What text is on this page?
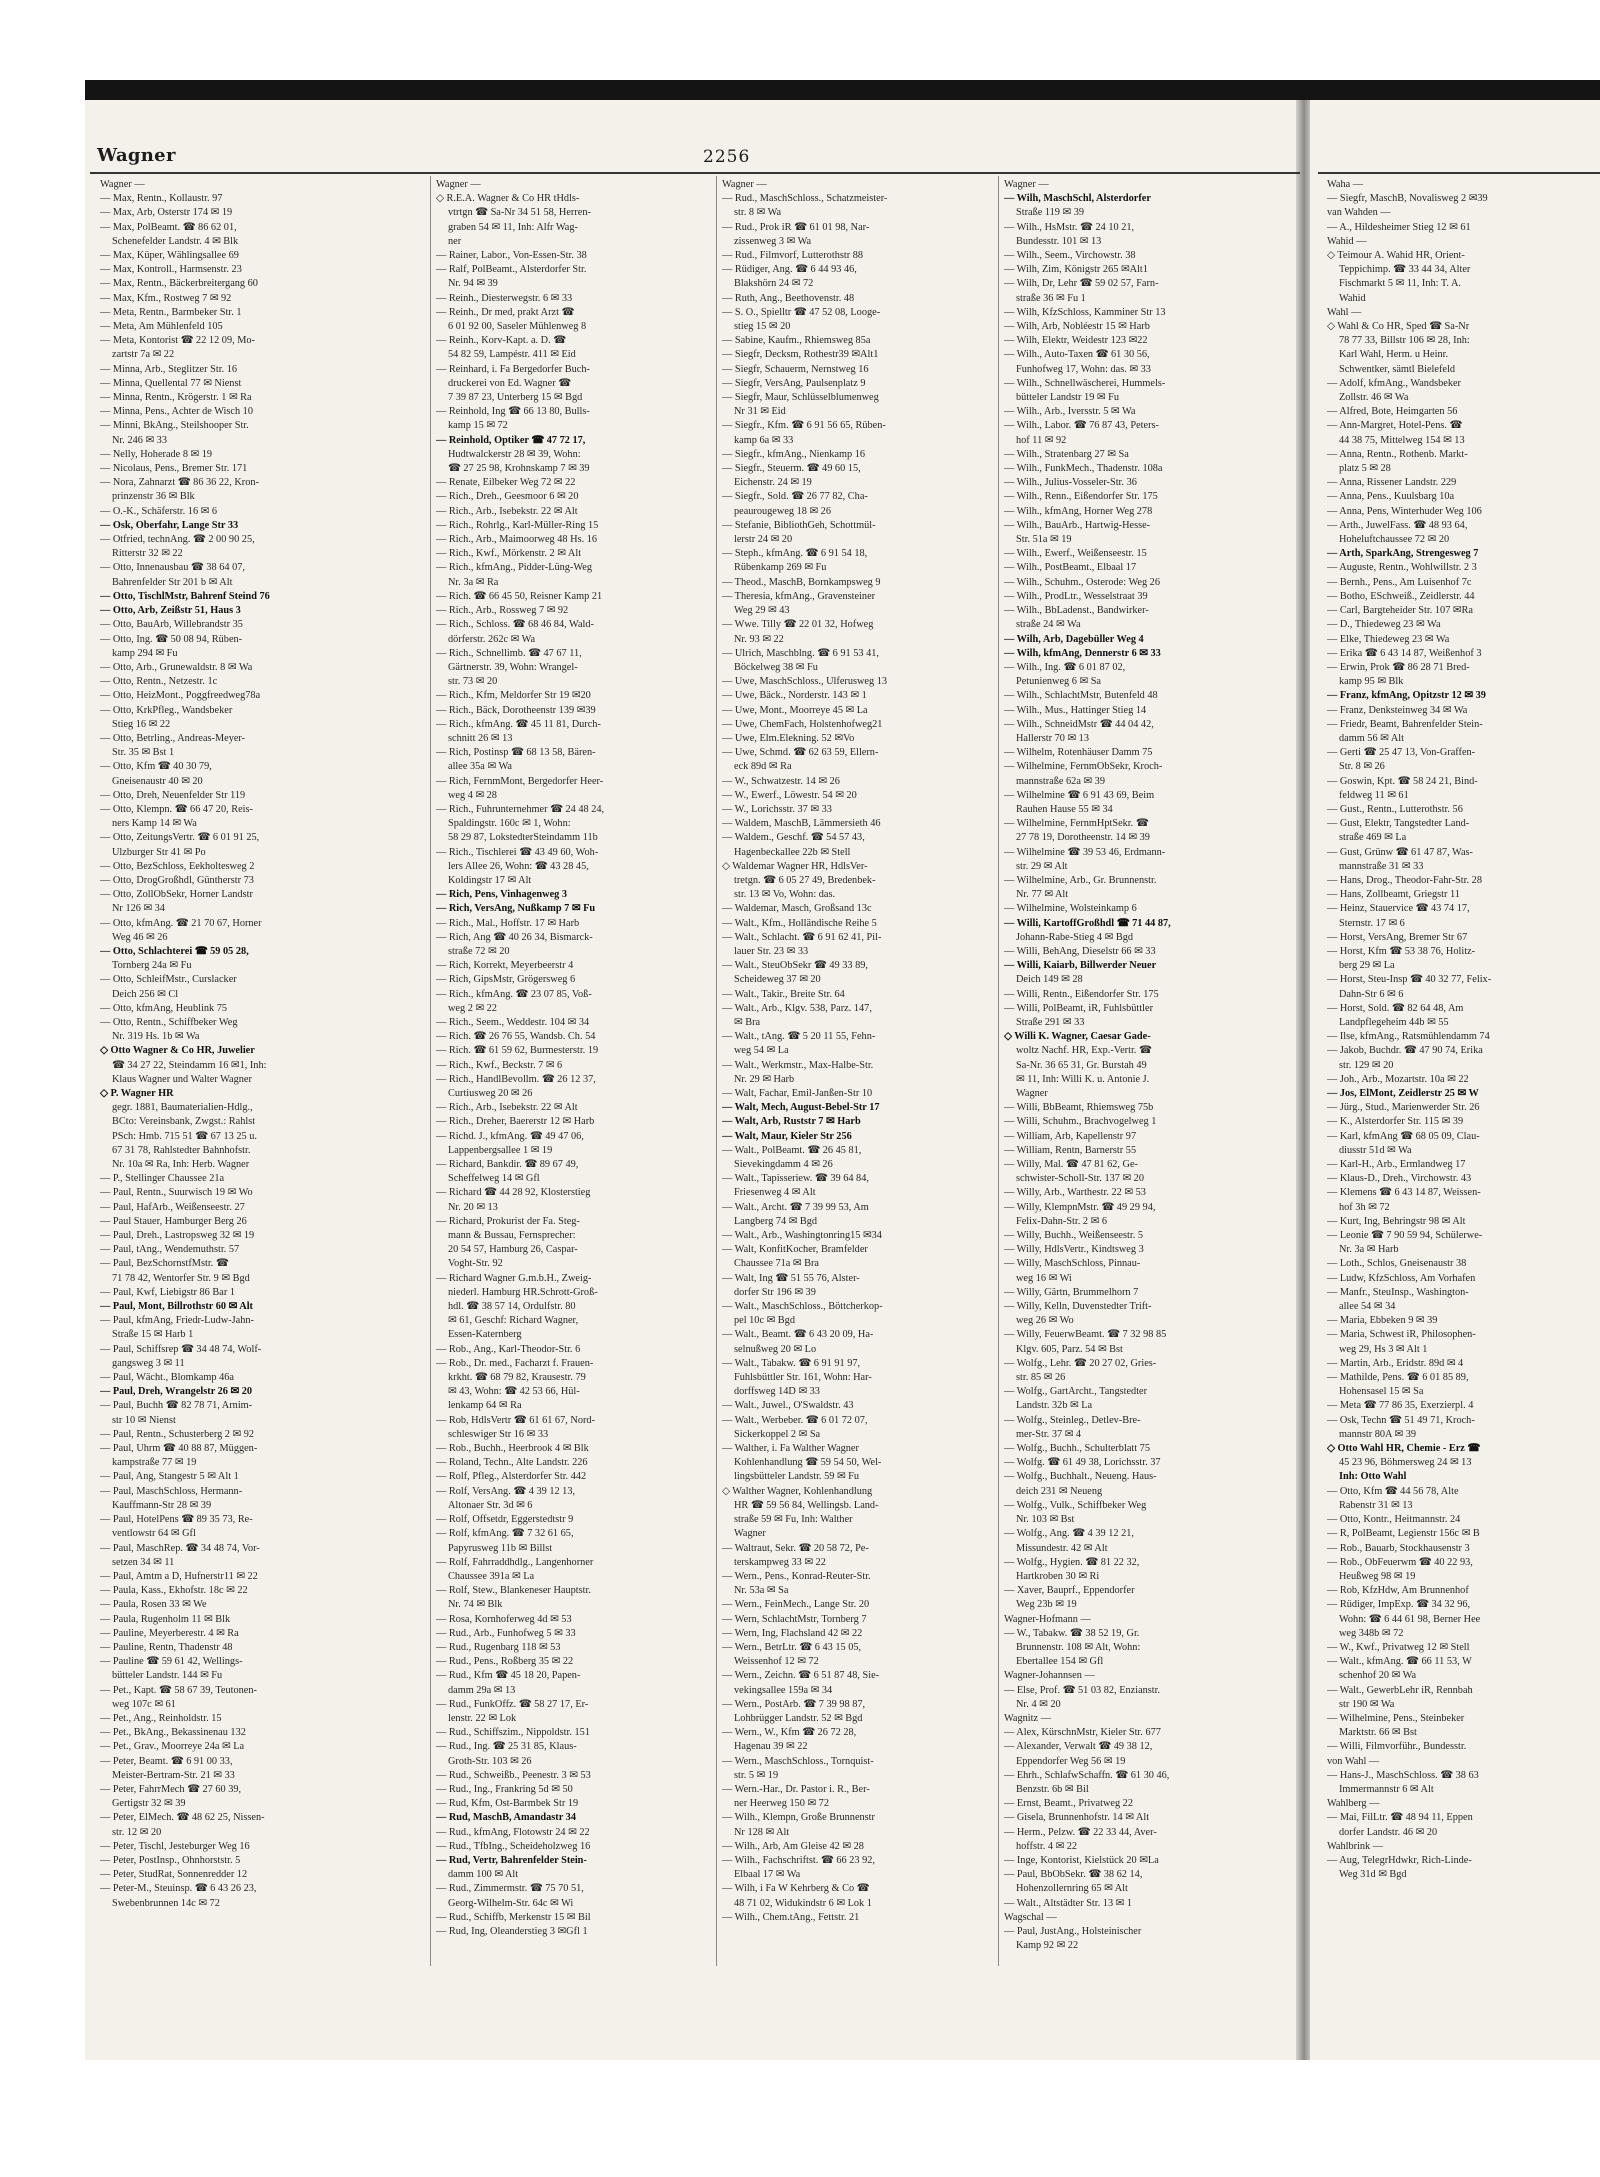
Wagner	2256
Wagner —
— Max, Rentn., Kollaustr. 97
— Max, Arb, Osterstr 174 ✉ 19
— Max, PolBeamt. ☎ 86 62 01,
Schenefelder Landstr. 4 ✉ Blk
— Max, Küper, Wählingsallee 69
— Max, Kontroll., Harmsenstr. 23
— Max, Rentn., Bäckerbreitergang 60
— Max, Kfm., Rostweg 7 ✉ 92
— Meta, Rentn., Barmbeker Str. 1
— Meta, Am Mühlenfeld 105
— Meta, Kontorist ☎ 22 12 09, Mo-
zartstr 7a ✉ 22
— Minna, Arb., Steglitzer Str. 16
— Minna, Quellental 77 ✉ Nienst
— Minna, Rentn., Krögerstr. 1 ✉ Ra
— Minna, Pens., Achter de Wisch 10
— Minni, BkAng., Steilshooper Str.
Nr. 246 ✉ 33
— Nelly, Hoherade 8 ✉ 19
— Nicolaus, Pens., Bremer Str. 171
— Nora, Zahnarzt ☎ 86 36 22, Kron-
prinzenstr 36 ✉ Blk
— O.-K., Schäferstr. 16 ✉ 6
— Osk, Oberfahr, Lange Str 33
— Otfried, technAng. ☎ 2 00 90 25,
Ritterstr 32 ✉ 22
— Otto, Innenausbau ☎ 38 64 07,
Bahrenfelder Str 201 b ✉ Alt
— Otto, TischlMstr, Bahrenf Steind 76
— Otto, Arb, Zeißstr 51, Haus 3
— Otto, BauArb, Willebrandstr 35
— Otto, Ing. ☎ 50 08 94, Rüben-
kamp 294 ✉ Fu
— Otto, Arb., Grunewaldstr. 8 ✉ Wa
— Otto, Rentn., Netzestr. 1c
— Otto, HeizMont., Poggfreedweg78a
— Otto, KrkPfleg., Wandsbeker
Stieg 16 ✉ 22
— Otto, Betrling., Andreas-Meyer-
Str. 35 ✉ Bst 1
— Otto, Kfm ☎ 40 30 79,
Gneisenaustr 40 ✉ 20
— Otto, Dreh, Neuenfelder Str 119
— Otto, Klempn. ☎ 66 47 20, Reis-
ners Kamp 14 ✉ Wa
— Otto, ZeitungsVertr. ☎ 6 01 91 25,
Ulzburger Str 41 ✉ Po
— Otto, BezSchloss, Eekholtesweg 2
— Otto, DrogGroßhdl, Güntherstr 73
— Otto, ZollObSekr, Horner Landstr
Nr 126 ✉ 34
— Otto, kfmAng. ☎ 21 70 67, Horner
Weg 46 ✉ 26
— Otto, Schlachterei ☎ 59 05 28,
Tornberg 24a ✉ Fu
— Otto, SchleifMstr., Curslacker
Deich 256 ✉ Cl
— Otto, kfmAng, Heublink 75
— Otto, Rentn., Schiffbeker Weg
Nr. 319 Hs. 1b ✉ Wa
◇ Otto Wagner & Co HR, Juwelier
☎ 34 27 22, Steindamm 16 ✉1, Inh:
Klaus Wagner und Walter Wagner
◇ P. Wagner HR
gegr. 1881, Baumaterialien-Hdlg.,
BCto: Vereinsbank, Zwgst.: Rahlst
PSch: Hmb. 715 51 ☎ 67 13 25 u.
67 31 78, Rahlstedter Bahnhofstr.
Nr. 10a ✉ Ra, Inh: Herb. Wagner
— P., Stellinger Chaussee 21a
— Paul, Rentn., Suurwisch 19 ✉ Wo
— Paul, HafArb., Weißenseestr. 27
— Paul Stauer, Hamburger Berg 26
— Paul, Dreh., Lastropsweg 32 ✉ 19
— Paul, tAng., Wendemuthstr. 57
— Paul, BezSchornstfMstr. ☎
71 78 42, Wentorfer Str. 9 ✉ Bgd
— Paul, Kwf, Liebigstr 86 Bar 1
— Paul, Mont, Billrothstr 60 ✉ Alt
— Paul, kfmAng, Friedr-Ludw-Jahn-
Straße 15 ✉ Harb 1
— Paul, Schiffsrep ☎ 34 48 74, Wolf-
gangsweg 3 ✉ 11
— Paul, Wächt., Blomkamp 46a
— Paul, Dreh, Wrangelstr 26 ✉ 20
— Paul, Buchh ☎ 82 78 71, Arnim-
str 10 ✉ Nienst
— Paul, Rentn., Schusterberg 2 ✉ 92
— Paul, Uhrm ☎ 40 88 87, Müggen-
kampstraße 77 ✉ 19
— Paul, Ang, Stangestr 5 ✉ Alt 1
— Paul, MaschSchloss, Hermann-
Kauffmann-Str 28 ✉ 39
— Paul, HotelPens ☎ 89 35 73, Re-
ventlowstr 64 ✉ Gfl
— Paul, MaschRep. ☎ 34 48 74, Vor-
setzen 34 ✉ 11
— Paul, Amtm a D, Hufnerstr11 ✉ 22
— Paula, Kass., Ekhofstr. 18c ✉ 22
— Paula, Rosen 33 ✉ We
— Paula, Rugenholm 11 ✉ Blk
— Pauline, Meyerberestr. 4 ✉ Ra
— Pauline, Rentn, Thadenstr 48
— Pauline ☎ 59 61 42, Wellings-
bütteler Landstr. 144 ✉ Fu
— Pet., Kapt. ☎ 58 67 39, Teutonen-
weg 107c ✉ 61
— Pet., Ang., Reinholdstr. 15
— Pet., BkAng., Bekassinenau 132
— Pet., Grav., Moorreye 24a ✉ La
— Peter, Beamt. ☎ 6 91 00 33,
Meister-Bertram-Str. 21 ✉ 33
— Peter, FahrrMech ☎ 27 60 39,
Gertigstr 32 ✉ 39
— Peter, ElMech. ☎ 48 62 25, Nissen-
str. 12 ✉ 20
— Peter, Tischl, Jesteburger Weg 16
— Peter, PostInsp., Ohnhorststr. 5
— Peter, StudRat, Sonnenredder 12
— Peter-M., Steuinsp. ☎ 6 43 26 23,
Swebenbrunnen 14c ✉ 72
Wagner —
◇ R.E.A. Wagner & Co HR tHdls-
vtrtgn ☎ Sa-Nr 34 51 58, Herren-
graben 54 ✉ 11, Inh: Alfr Wag-
ner
— Rainer, Labor., Von-Essen-Str. 38
— Ralf, PolBeamt., Alsterdorfer Str.
Nr. 94 ✉ 39
— Reinh., Diesterwegstr. 6 ✉ 33
— Reinh., Dr med, prakt Arzt ☎
6 01 92 00, Saseler Mühlenweg 8
— Reinh., Korv-Kapt. a. D. ☎
54 82 59, Lampéstr. 411 ✉ Eid
— Reinhard, i. Fa Bergedorfer Buch-
druckerei von Ed. Wagner ☎
7 39 87 23, Unterberg 15 ✉ Bgd
— Reinhold, Ing ☎ 66 13 80, Bulls-
kamp 15 ✉ 72
— Reinhold, Optiker ☎ 47 72 17,
Hudtwalckerstr 28 ✉ 39, Wohn:
☎ 27 25 98, Krohnskamp 7 ✉ 39
— Renate, Eilbeker Weg 72 ✉ 22
— Rich., Dreh., Geesmoor 6 ✉ 20
— Rich., Arb., Isebekstr. 22 ✉ Alt
— Rich., Rohrlg., Karl-Müller-Ring 15
— Rich., Arb., Maimoorweg 48 Hs. 16
— Rich., Kwf., Mörkenstr. 2 ✉ Alt
— Rich., kfmAng., Pidder-Lüng-Weg
Nr. 3a ✉ Ra
— Rich. ☎ 66 45 50, Reisner Kamp 21
— Rich., Arb., Rossweg 7 ✉ 92
— Rich., Schloss. ☎ 68 46 84, Wald-
dörferstr. 262c ✉ Wa
— Rich., Schnellimb. ☎ 47 67 11,
Gärtnerstr. 39, Wohn: Wrangel-
str. 73 ✉ 20
— Rich., Kfm, Meldorfer Str 19 ✉20
— Rich., Bäck, Dorotheenstr 139 ✉39
— Rich., kfmAng. ☎ 45 11 81, Durch-
schnitt 26 ✉ 13
— Rich, Postinsp ☎ 68 13 58, Bären-
allee 35a ✉ Wa
— Rich, FernmMont, Bergedorfer Heer-
weg 4 ✉ 28
— Rich., Fuhrunternehmer ☎ 24 48 24,
Spaldingstr. 160c ✉ 1, Wohn:
58 29 87, LokstedterSteindamm 11b
— Rich., Tischlerei ☎ 43 49 60, Woh-
lers Allee 26, Wohn: ☎ 43 28 45,
Koldingstr 17 ✉ Alt
— Rich, Pens, Vinhagenweg 3
— Rich, VersAng, Nußkamp 7 ✉ Fu
— Rich., Mal., Hoffstr. 17 ✉ Harb
— Rich, Ang ☎ 40 26 34, Bismarck-
straße 72 ✉ 20
— Rich, Korrekt, Meyerbeerstr 4
— Rich, GipsMstr, Grögersweg 6
— Rich., kfmAng. ☎ 23 07 85, Voß-
weg 2 ✉ 22
— Rich., Seem., Weddestr. 104 ✉ 34
— Rich. ☎ 26 76 55, Wandsb. Ch. 54
— Rich. ☎ 61 59 62, Burmesterstr. 19
— Rich., Kwf., Beckstr. 7 ✉ 6
— Rich., HandlBevollm. ☎ 26 12 37,
Curtiusweg 20 ✉ 26
— Rich., Arb., Isebekstr. 22 ✉ Alt
— Rich., Dreher, Baererstr 12 ✉ Harb
— Richd. J., kfmAng. ☎ 49 47 06,
Lappenbergsallee 1 ✉ 19
— Richard, Bankdir. ☎ 89 67 49,
Scheffelweg 14 ✉ Gfl
— Richard ☎ 44 28 92, Klosterstieg
Nr. 20 ✉ 13
— Richard, Prokurist der Fa. Steg-
mann & Bussau, Fernsprecher:
20 54 57, Hamburg 26, Caspar-
Voght-Str. 92
— Richard Wagner G.m.b.H., Zweig-
niederl. Hamburg HR.Schrott-Groß-
hdl. ☎ 38 57 14, Ordulfstr. 80
✉ 61, Geschf: Richard Wagner,
Essen-Katernberg
— Rob., Ang., Karl-Theodor-Str. 6
— Rob., Dr. med., Facharzt f. Frauen-
krkht. ☎ 68 79 82, Krausestr. 79
✉ 43, Wohn: ☎ 42 53 66, Hül-
lenkamp 64 ✉ Ra
— Rob, HdlsVertr ☎ 61 61 67, Nord-
schleswiger Str 16 ✉ 33
— Rob., Buchh., Heerbrook 4 ✉ Blk
— Roland, Techn., Alte Landstr. 226
— Rolf, Pfleg., Alsterdorfer Str. 442
— Rolf, VersAng. ☎ 4 39 12 13,
Altonaer Str. 3d ✉ 6
— Rolf, Offsetdr, Eggerstedtstr 9
— Rolf, kfmAng. ☎ 7 32 61 65,
Papyrusweg 11b ✉ Billst
— Rolf, Fahrraddhdlg., Langenhorner
Chaussee 391a ✉ La
— Rolf, Stew., Blankeneser Hauptstr.
Nr. 74 ✉ Blk
— Rosa, Kornhoferweg 4d ✉ 53
— Rud., Arb., Funhofweg 5 ✉ 33
— Rud., Rugenbarg 118 ✉ 53
— Rud., Pens., Roßberg 35 ✉ 22
— Rud., Kfm ☎ 45 18 20, Papen-
damm 29a ✉ 13
— Rud., FunkOffz. ☎ 58 27 17, Er-
lenstr. 22 ✉ Lok
— Rud., Schiffszim., Nippoldstr. 151
— Rud., Ing. ☎ 25 31 85, Klaus-
Groth-Str. 103 ✉ 26
— Rud., Schweißb., Peenestr. 3 ✉ 53
— Rud., Ing., Frankring 5d ✉ 50
— Rud, Kfm, Ost-Barmbek Str 19
— Rud, MaschB, Amandastr 34
— Rud., kfmAng, Flotowstr 24 ✉ 22
— Rud., TfbIng., Scheideholzweg 16
— Rud, Vertr, Bahrenfelder Stein-
damm 100 ✉ Alt
— Rud., Zimmermstr. ☎ 75 70 51,
Georg-Wilhelm-Str. 64c ✉ Wi
— Rud., Schiffb, Merkenstr 15 ✉ Bil
— Rud, Ing, Oleanderstieg 3 ✉Gfl 1
Wagner —
— Rud., MaschSchloss., Schatzmeister-
str. 8 ✉ Wa
— Rud., Prok iR ☎ 61 01 98, Nar-
zissenweg 3 ✉ Wa
— Rud., Filmvorf, Lutterothstr 88
— Rüdiger, Ang. ☎ 6 44 93 46,
Blakshörn 24 ✉ 72
— Ruth, Ang., Beethovenstr. 48
— S. O., Spielltr ☎ 47 52 08, Looge-
stieg 15 ✉ 20
— Sabine, Kaufm., Rhiemsweg 85a
— Siegfr, Decksm, Rothestr39 ✉Alt1
— Siegfr, Schauerm, Nernstweg 16
— Siegfr, VersAng, Paulsenplatz 9
— Siegfr, Maur, Schlüsselblumenweg
Nr 31 ✉ Eid
— Siegfr., Kfm. ☎ 6 91 56 65, Rüben-
kamp 6a ✉ 33
— Siegfr., kfmAng., Nienkamp 16
— Siegfr., Steuerm. ☎ 49 60 15,
Eichenstr. 24 ✉ 19
— Siegfr., Sold. ☎ 26 77 82, Cha-
peaurougeweg 18 ✉ 26
— Stefanie, BibliothGeh, Schottmül-
lerstr 24 ✉ 20
— Steph., kfmAng. ☎ 6 91 54 18,
Rübenkamp 269 ✉ Fu
— Theod., MaschB, Bornkampsweg 9
— Theresia, kfmAng., Gravensteiner
Weg 29 ✉ 43
— Wwe. Tilly ☎ 22 01 32, Hofweg
Nr. 93 ✉ 22
— Ulrich, Maschblng. ☎ 6 91 53 41,
Böckelweg 38 ✉ Fu
— Uwe, MaschSchloss., Ulferusweg 13
— Uwe, Bäck., Norderstr. 143 ✉ 1
— Uwe, Mont., Moorreye 45 ✉ La
— Uwe, ChemFach, Holstenhofweg21
— Uwe, Elm.Elekning. 52 ✉Vo
— Uwe, Schmd. ☎ 62 63 59, Ellern-
eck 89d ✉ Ra
— W., Schwatzestr. 14 ✉ 26
— W., Ewerf., Löwestr. 54 ✉ 20
— W., Lorichsstr. 37 ✉ 33
— Waldem, MaschB, Lämmersieth 46
— Waldem., Geschf. ☎ 54 57 43,
Hagenbeckallee 22b ✉ Stell
◇ Waldemar Wagner HR, HdlsVer-
tretgn. ☎ 6 05 27 49, Bredenbek-
str. 13 ✉ Vo, Wohn: das.
— Waldemar, Masch, Großsand 13c
— Walt., Kfm., Holländische Reihe 5
— Walt., Schlacht. ☎ 6 91 62 41, Pil-
lauer Str. 23 ✉ 33
— Walt., SteuObSekr ☎ 49 33 89,
Scheideweg 37 ✉ 20
— Walt., Takir., Breite Str. 64
— Walt., Arb., Klgv. 538, Parz. 147,
✉ Bra
— Walt., tAng. ☎ 5 20 11 55, Fehn-
weg 54 ✉ La
— Walt., Werkmstr., Max-Halbe-Str.
Nr. 29 ✉ Harb
— Walt, Fachar, Emil-Janßen-Str 10
— Walt, Mech, August-Bebel-Str 17
— Walt, Arb, Ruststr 7 ✉ Harb
— Walt, Maur, Kieler Str 256
— Walt., PolBeamt. ☎ 26 45 81,
Sievekingdamm 4 ✉ 26
— Walt., Tapisseriew. ☎ 39 64 84,
Friesenweg 4 ✉ Alt
— Walt., Archt. ☎ 7 39 99 53, Am
Langberg 74 ✉ Bgd
— Walt., Arb., Washingtonring15 ✉34
— Walt, KonfitKocher, Bramfelder
Chaussee 71a ✉ Bra
— Walt, Ing ☎ 51 55 76, Alster-
dorfer Str 196 ✉ 39
— Walt., MaschSchloss., Böttcherkop-
pel 10c ✉ Bgd
— Walt., Beamt. ☎ 6 43 20 09, Ha-
selnußweg 20 ✉ Lo
— Walt., Tabakw. ☎ 6 91 91 97,
Fuhlsbüttler Str. 161, Wohn: Har-
dorffsweg 14D ✉ 33
— Walt., Juwel., O'Swaldstr. 43
— Walt., Werbeber. ☎ 6 01 72 07,
Sickerkoppel 2 ✉ Sa
— Walther, i. Fa Walther Wagner
Kohlenhandlung ☎ 59 54 50, Wel-
lingsbütteler Landstr. 59 ✉ Fu
◇ Walther Wagner, Kohlenhandlung
HR ☎ 59 56 84, Wellingsb. Land-
straße 59 ✉ Fu, Inh: Walther
Wagner
— Waltraut, Sekr. ☎ 20 58 72, Pe-
terskampweg 33 ✉ 22
— Wern., Pens., Konrad-Reuter-Str.
Nr. 53a ✉ Sa
— Wern., FeinMech., Lange Str. 20
— Wern, SchlachtMstr, Tornberg 7
— Wern, Ing, Flachsland 42 ✉ 22
— Wern., BetrLtr. ☎ 6 43 15 05,
Weissenhof 12 ✉ 72
— Wern., Zeichn. ☎ 6 51 87 48, Sie-
vekingsallee 159a ✉ 34
— Wern., PostArb. ☎ 7 39 98 87,
Lohbrügger Landstr. 52 ✉ Bgd
— Wern., W., Kfm ☎ 26 72 28,
Hagenau 39 ✉ 22
— Wern., MaschSchloss., Tornquist-
str. 5 ✉ 19
— Wern.-Har., Dr. Pastor i. R., Ber-
ner Heerweg 150 ✉ 72
— Wilh., Klempn, Große Brunnenstr
Nr 128 ✉ Alt
— Wilh., Arb, Am Gleise 42 ✉ 28
— Wilh., Fachschriftst. ☎ 66 23 92,
Elbaal 17 ✉ Wa
— Wilh, i Fa W Kehrberg & Co ☎
48 71 02, Widukindstr 6 ✉ Lok 1
— Wilh., Chem.tAng., Fettstr. 21
Wagner —
— Wilh, MaschSchl, Alsterdorfer
Straße 119 ✉ 39
— Wilh., HsMstr. ☎ 24 10 21,
Bundesstr. 101 ✉ 13
— Wilh., Seem., Virchowstr. 38
— Wilh, Zim, Königstr 265 ✉Alt1
— Wilh, Dr, Lehr ☎ 59 02 57, Farn-
straße 36 ✉ Fu 1
— Wilh, KfzSchloss, Kamminer Str 13
— Wilh, Arb, Nobléestr 15 ✉ Harb
— Wilh, Elektr, Weidestr 123 ✉22
— Wilh., Auto-Taxen ☎ 61 30 56,
Funhofweg 17, Wohn: das. ✉ 33
— Wilh., Schnellwäscherei, Hummels-
bütteler Landstr 19 ✉ Fu
— Wilh., Arb., Iversstr. 5 ✉ Wa
— Wilh., Labor. ☎ 76 87 43, Peters-
hof 11 ✉ 92
— Wilh., Stratenbarg 27 ✉ Sa
— Wilh., FunkMech., Thadenstr. 108a
— Wilh., Julius-Vosseler-Str. 36
— Wilh., Renn., Eißendorfer Str. 175
— Wilh., kfmAng, Horner Weg 278
— Wilh., BauArb., Hartwig-Hesse-
Str. 51a ✉ 19
— Wilh., Ewerf., Weißenseestr. 15
— Wilh., PostBeamt., Elbaal 17
— Wilh., Schuhm., Osterode: Weg 26
— Wilh., ProdLtr., Wesselstraat 39
— Wilh., BbLadenst., Bandwirker-
straße 24 ✉ Wa
— Wilh, Arb, Dagebüller Weg 4
— Wilh, kfmAng, Dennerstr 6 ✉ 33
— Wilh., Ing. ☎ 6 01 87 02,
Petunienweg 6 ✉ Sa
— Wilh., SchlachtMstr, Butenfeld 48
— Wilh., Mus., Hattinger Stieg 14
— Wilh., SchneidMstr ☎ 44 04 42,
Hallerstr 70 ✉ 13
— Wilhelm, Rotenhäuser Damm 75
— Wilhelmine, FernmObSekr, Kroch-
mannstraße 62a ✉ 39
— Wilhelmine ☎ 6 91 43 69, Beim
Rauhen Hause 55 ✉ 34
— Wilhelmine, FernmHptSekr. ☎
27 78 19, Dorotheenstr. 14 ✉ 39
— Wilhelmine ☎ 39 53 46, Erdmann-
str. 29 ✉ Alt
— Wilhelmine, Arb., Gr. Brunnenstr.
Nr. 77 ✉ Alt
— Wilhelmine, Wolsteinkamp 6
— Willi, KartoffGroßhdl ☎ 71 44 87,
Johann-Rabe-Stieg 4 ✉ Bgd
— Willi, BehAng, Dieselstr 66 ✉ 33
— Willi, Kaiarb, Billwerder Neuer
Deich 149 ✉ 28
— Willi, Rentn., Eißendorfer Str. 175
— Willi, PolBeamt, iR, Fuhlsbüttler
Straße 291 ✉ 33
◇ Willi K. Wagner, Caesar Gade-
woltz Nachf. HR, Exp.-Vertr. ☎
Sa-Nr. 36 65 31, Gr. Burstah 49
✉ 11, Inh: Willi K. u. Antonie J.
Wagner
— Willi, BbBeamt, Rhiemsweg 75b
— Willi, Schuhm., Brachvogelweg 1
— William, Arb, Kapellenstr 97
— William, Rentn, Barnerstr 55
— Willy, Mal. ☎ 47 81 62, Ge-
schwister-Scholl-Str. 137 ✉ 20
— Willy, Arb., Warthestr. 22 ✉ 53
— Willy, KlempnMstr. ☎ 49 29 94,
Felix-Dahn-Str. 2 ✉ 6
— Willy, Buchh., Weißenseestr. 5
— Willy, HdlsVertr., Kindtsweg 3
— Willy, MaschSchloss, Pinnau-
weg 16 ✉ Wi
— Willy, Gärtn, Brummelhorn 7
— Willy, Kelln, Duvenstedter Trift-
weg 26 ✉ Wo
— Willy, FeuerwBeamt. ☎ 7 32 98 85
Klgv. 605, Parz. 54 ✉ Bst
— Wolfg., Lehr. ☎ 20 27 02, Gries-
str. 85 ✉ 26
— Wolfg., GartArcht., Tangstedter
Landstr. 32b ✉ La
— Wolfg., Steinleg., Detlev-Bre-
mer-Str. 37 ✉ 4
— Wolfg., Buchh., Schulterblatt 75
— Wolfg. ☎ 61 49 38, Lorichsstr. 37
— Wolfg., Buchhalt., Neueng. Haus-
deich 231 ✉ Neueng
— Wolfg., Vulk., Schiffbeker Weg
Nr. 103 ✉ Bst
— Wolfg., Ang. ☎ 4 39 12 21,
Missundestr. 42 ✉ Alt
— Wolfg., Hygien. ☎ 81 22 32,
Hartkroben 30 ✉ Ri
— Xaver, Bauprf., Eppendorfer
Weg 23b ✉ 19
Wagner-Hofmann —
— W., Tabakw. ☎ 38 52 19, Gr.
Brunnenstr. 108 ✉ Alt, Wohn:
Ebertallee 154 ✉ Gfl
Wagner-Johannsen —
— Else, Prof. ☎ 51 03 82, Enzianstr.
Nr. 4 ✉ 20
Wagnitz —
— Alex, KürschnMstr, Kieler Str. 677
— Alexander, Verwalt ☎ 49 38 12,
Eppendorfer Weg 56 ✉ 19
— Ehrh., SchlafwSchaffn. ☎ 61 30 46,
Benzstr. 6b ✉ Bil
— Ernst, Beamt., Privatweg 22
— Gisela, Brunnenhofstr. 14 ✉ Alt
— Herm., Pelzw. ☎ 22 33 44, Aver-
hoffstr. 4 ✉ 22
— Inge, Kontorist, Kielstück 20 ✉La
— Paul, BbObSekr. ☎ 38 62 14,
Hohenzollernring 65 ✉ Alt
— Walt., Altstädter Str. 13 ✉ 1
Wagschal —
— Paul, JustAng., Holsteinischer
Kamp 92 ✉ 22
Waha —
— Siegfr, MaschB, Novalisweg 2 ✉39
van Wahden —
— A., Hildesheimer Stieg 12 ✉ 61
Wahid —
◇ Teimour A. Wahid HR, Orient-
Teppichimp. ☎ 33 44 34, Alter
Fischmarkt 5 ✉ 11, Inh: T. A.
Wahid
Wahl —
◇ Wahl & Co HR, Sped ☎ Sa-Nr
78 77 33, Billstr 106 ✉ 28, Inh:
Karl Wahl, Herm. u Heinr.
Schwentker, sämtl Bielefeld
— Adolf, kfmAng., Wandsbeker
Zollstr. 46 ✉ Wa
— Alfred, Bote, Heimgarten 56
— Ann-Margret, Hotel-Pens. ☎
44 38 75, Mittelweg 154 ✉ 13
— Anna, Rentn., Rothenb. Markt-
platz 5 ✉ 28
— Anna, Rissener Landstr. 229
— Anna, Pens., Kuulsbarg 10a
— Anna, Pens, Winterhuder Weg 106
— Arth., JuwelFass. ☎ 48 93 64,
Hoheluftchaussee 72 ✉ 20
— Arth, SparkAng, Strengesweg 7
— Auguste, Rentn., Wohlwillstr. 2 3
— Bernh., Pens., Am Luisenhof 7c
— Botho, ESchweiß., Zeidlerstr. 44
— Carl, Bargteheider Str. 107 ✉Ra
— D., Thiedeweg 23 ✉ Wa
— Elke, Thiedeweg 23 ✉ Wa
— Erika ☎ 6 43 14 87, Weißenhof 3
— Erwin, Prok ☎ 86 28 71 Bred-
kamp 95 ✉ Blk
— Franz, kfmAng, Opitzstr 12 ✉ 39
— Franz, Denksteinweg 34 ✉ Wa
— Friedr, Beamt, Bahrenfelder Stein-
damm 56 ✉ Alt
— Gerti ☎ 25 47 13, Von-Graffen-
Str. 8 ✉ 26
— Goswin, Kpt. ☎ 58 24 21, Bind-
feldweg 11 ✉ 61
— Gust., Rentn., Lutterothstr. 56
— Gust, Elektr, Tangstedter Land-
straße 469 ✉ La
— Gust, Grünw ☎ 61 47 87, Was-
mannstraße 31 ✉ 33
— Hans, Drog., Theodor-Fahr-Str. 28
— Hans, Zollbeamt, Griegstr 11
— Heinz, Stauervice ☎ 43 74 17,
Sternstr. 17 ✉ 6
— Horst, VersAng, Bremer Str 67
— Horst, Kfm ☎ 53 38 76, Holitz-
berg 29 ✉ La
— Horst, Steu-Insp ☎ 40 32 77, Felix-
Dahn-Str 6 ✉ 6
— Horst, Sold. ☎ 82 64 48, Am
Landpflegeheim 44b ✉ 55
— Ilse, kfmAng., Ratsmühlendamm 74
— Jakob, Buchdr. ☎ 47 90 74, Erika
str. 129 ✉ 20
— Joh., Arb., Mozartstr. 10a ✉ 22
— Jos, ElMont, Zeidlerstr 25 ✉ W
— Jürg., Stud., Marienwerder Str. 26
— K., Alsterdorfer Str. 115 ✉ 39
— Karl, kfmAng ☎ 68 05 09, Clau-
diusstr 51d ✉ Wa
— Karl-H., Arb., Ermlandweg 17
— Klaus-D., Dreh., Virchowstr. 43
— Klemens ☎ 6 43 14 87, Weissen-
hof 3h ✉ 72
— Kurt, Ing, Behringstr 98 ✉ Alt
— Leonie ☎ 7 90 59 94, Schülerwe-
Nr. 3a ✉ Harb
— Loth., Schlos, Gneisenaustr 38
— Ludw, KfzSchloss, Am Vorhafen
— Manfr., SteuInsp., Washington-
allee 54 ✉ 34
— Maria, Ebbeken 9 ✉ 39
— Maria, Schwest iR, Philosophen-
weg 29, Hs 3 ✉ Alt 1
— Martin, Arb., Eridstr. 89d ✉ 4
— Mathilde, Pens. ☎ 6 01 85 89,
Hohensasel 15 ✉ Sa
— Meta ☎ 77 86 35, Exerzierpl. 4
— Osk, Techn ☎ 51 49 71, Kroch-
mannstr 80A ✉ 39
◇ Otto Wahl HR, Chemie - Erz ☎
45 23 96, Böhmersweg 24 ✉ 13
Inh: Otto Wahl
— Otto, Kfm ☎ 44 56 78, Alte
Rabenstr 31 ✉ 13
— Otto, Kontr., Heitmannstr. 24
— R, PolBeamt, Legienstr 156c ✉ B
— Rob., Bauarb, Stockhausenstr 3
— Rob., ObFeuerwm ☎ 40 22 93,
Heußweg 98 ✉ 19
— Rob, KfzHdw, Am Brunnenhof
— Rüdiger, ImpExp. ☎ 34 32 96,
Wohn: ☎ 6 44 61 98, Berner Hee
weg 348b ✉ 72
— W., Kwf., Privatweg 12 ✉ Stell
— Walt., kfmAng. ☎ 66 11 53, W
schenhof 20 ✉ Wa
— Walt., GewerbLehr iR, Rennbah
str 190 ✉ Wa
— Wilhelmine, Pens., Steinbeker
Marktstr. 66 ✉ Bst
— Willi, Filmvorführ., Bundesstr.
von Wahl —
— Hans-J., MaschSchloss. ☎ 38 63
Immermannstr 6 ✉ Alt
Wahlberg —
— Mai, FilLtr. ☎ 48 94 11, Eppen
dorfer Landstr. 46 ✉ 20
Wahlbrink —
— Aug, TelegrHdwkr, Rich-Linde-
Weg 31d ✉ Bgd
